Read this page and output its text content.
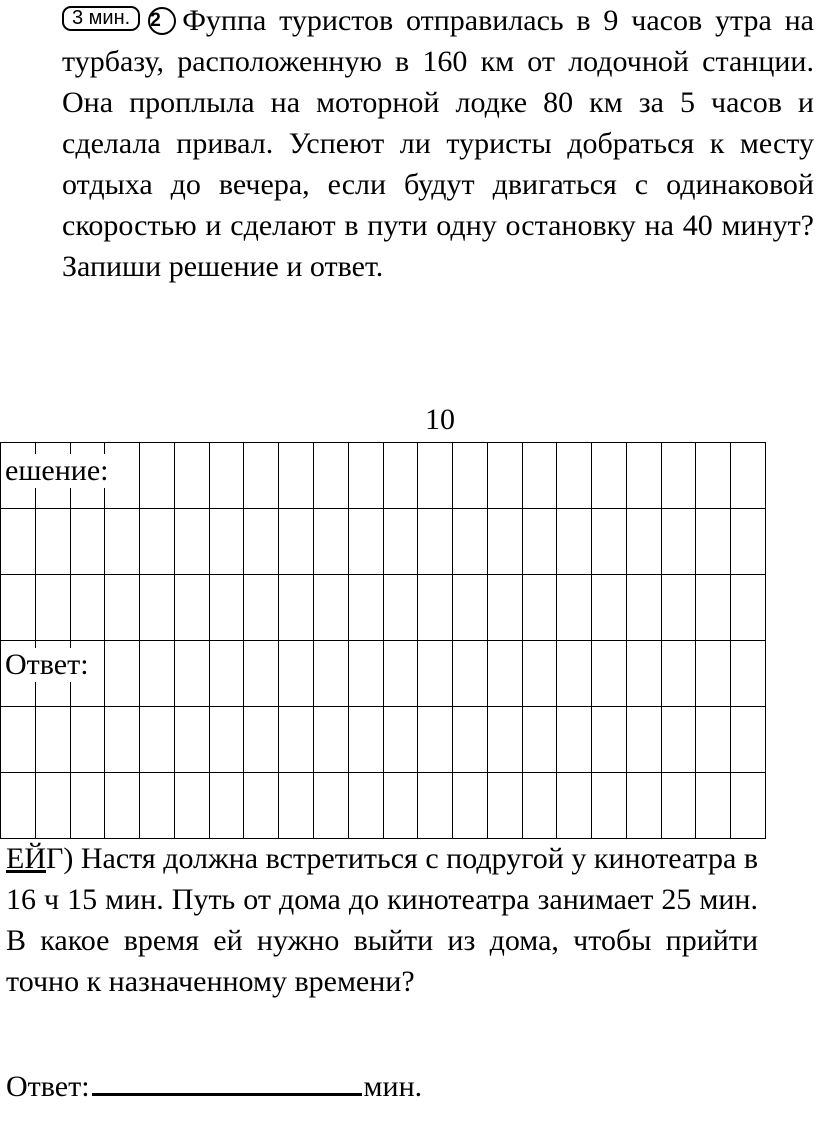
3 мин. 2 Фуппа туристов отправилась в 9 часов утра на турбазу, расположенную в 160 км от лодочной станции. Она проплыла на моторной лодке 80 км за 5 часов и сделала привал. Успеют ли туристы добраться к месту отдыха до вечера, если будут двигаться с одинаковой скоростью и сделают в пути одну остановку на 40 минут? Запиши решение и ответ.
10
ешение:
Ответ:
ЕЙГ) Настя должна встретиться с подругой у кинотеатра в 16 ч 15 мин. Путь от дома до кинотеатра занимает 25 мин. В какое время ей нужно выйти из дома, чтобы прийти точно к назначенному времени?
Ответ:	мин.
